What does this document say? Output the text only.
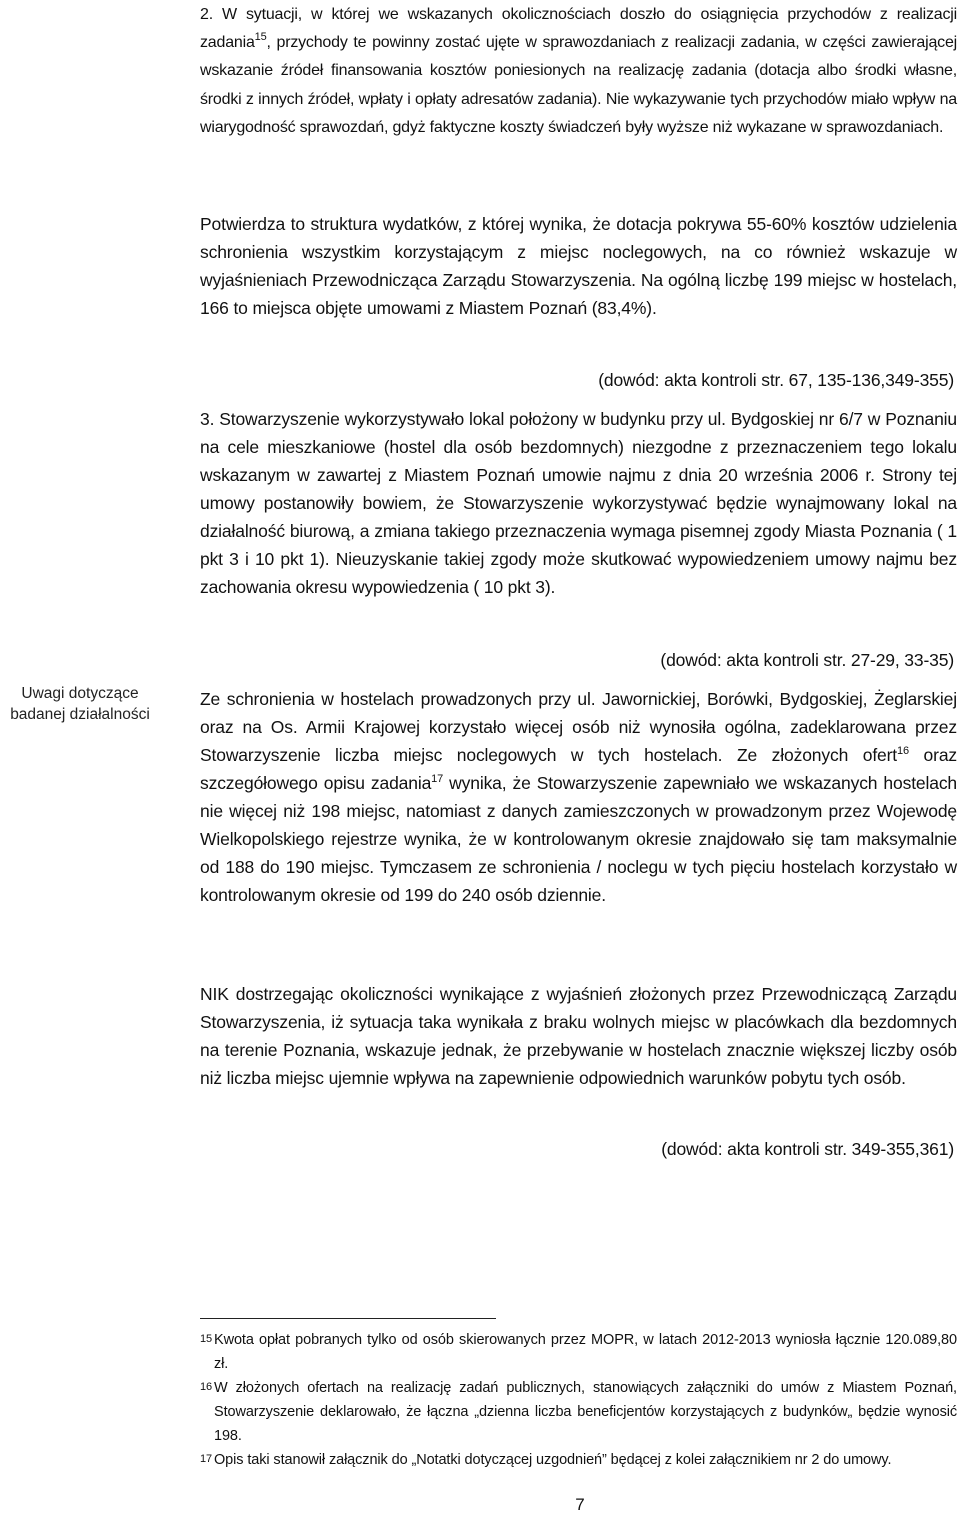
Uwagi dotyczące
badanej działalności

2. W sytuacji, w której we wskazanych okolicznościach doszło do osiągnięcia przychodów z realizacji zadania$^{15}$, przychody te powinny zostać ujęte w sprawozdaniach z realizacji zadania, w części zawierającej wskazanie źródeł finansowania kosztów poniesionych na realizację zadania (dotacja albo środki własne, środki z innych źródeł, wpłaty i opłaty adresatów zadania). Nie wykazywanie tych przychodów miało wpływ na wiarygodność sprawozdań, gdyż faktyczne koszty świadczeń były wyższe niż wykazane w sprawozdaniach.

Potwierdza to struktura wydatków, z której wynika, że dotacja pokrywa 55-60% kosztów udzielenia schronienia wszystkim korzystającym z miejsc noclegowych, na co również wskazuje w wyjaśnieniach Przewodnicząca Zarządu Stowarzyszenia. Na ogólną liczbę 199 miejsc w hostelach, 166 to miejsca objęte umowami z Miastem Poznań (83,4%).

(dowód: akta kontroli str. 67, 135-136,349-355)

3. Stowarzyszenie wykorzystywało lokal położony w budynku przy ul. Bydgoskiej nr 6/7 w Poznaniu na cele mieszkaniowe (hostel dla osób bezdomnych) niezgodne z przeznaczeniem tego lokalu wskazanym w zawartej z Miastem Poznań umowie najmu z dnia 20 września 2006 r. Strony tej umowy postanowiły bowiem, że Stowarzyszenie wykorzystywać będzie wynajmowany lokal na działalność biurową, a zmiana takiego przeznaczenia wymaga pisemnej zgody Miasta Poznania ( 1 pkt 3 i 10 pkt 1). Nieuzyskanie takiej zgody może skutkować wypowiedzeniem umowy najmu bez zachowania okresu wypowiedzenia ( 10 pkt 3).

(dowód: akta kontroli str. 27-29, 33-35)

Ze schronienia w hostelach prowadzonych przy ul. Jawornickiej, Borówki, Bydgoskiej, Żeglarskiej oraz na Os. Armii Krajowej korzystało więcej osób niż wynosiła ogólna, zadeklarowana przez Stowarzyszenie liczba miejsc noclegowych w tych hostelach. Ze złożonych ofert$^{16}$ oraz szczegółowego opisu zadania$^{17}$ wynika, że Stowarzyszenie zapewniało we wskazanych hostelach nie więcej niż 198 miejsc, natomiast z danych zamieszczonych w prowadzonym przez Wojewodę Wielkopolskiego rejestrze wynika, że w kontrolowanym okresie znajdowało się tam maksymalnie od 188 do 190 miejsc. Tymczasem ze schronienia / noclegu w tych pięciu hostelach korzystało w kontrolowanym okresie od 199 do 240 osób dziennie.

NIK dostrzegając okoliczności wynikające z wyjaśnień złożonych przez Przewodniczącą Zarządu Stowarzyszenia, iż sytuacja taka wynikała z braku wolnych miejsc w placówkach dla bezdomnych na terenie Poznania, wskazuje jednak, że przebywanie w hostelach znacznie większej liczby osób niż liczba miejsc ujemnie wpływa na zapewnienie odpowiednich warunków pobytu tych osób.

(dowód: akta kontroli str. 349-355,361)

15 Kwota opłat pobranych tylko od osób skierowanych przez MOPR, w latach 2012-2013 wyniosła łącznie 120.089,80 zł.
16 W złożonych ofertach na realizację zadań publicznych, stanowiących załączniki do umów z Miastem Poznań, Stowarzyszenie deklarowało, że łączna „dzienna liczba beneficjentów korzystających z budynków„ będzie wynosić 198.
17 Opis taki stanowił załącznik do „Notatki dotyczącej uzgodnień” będącej z kolei załącznikiem nr 2 do umowy.
7
